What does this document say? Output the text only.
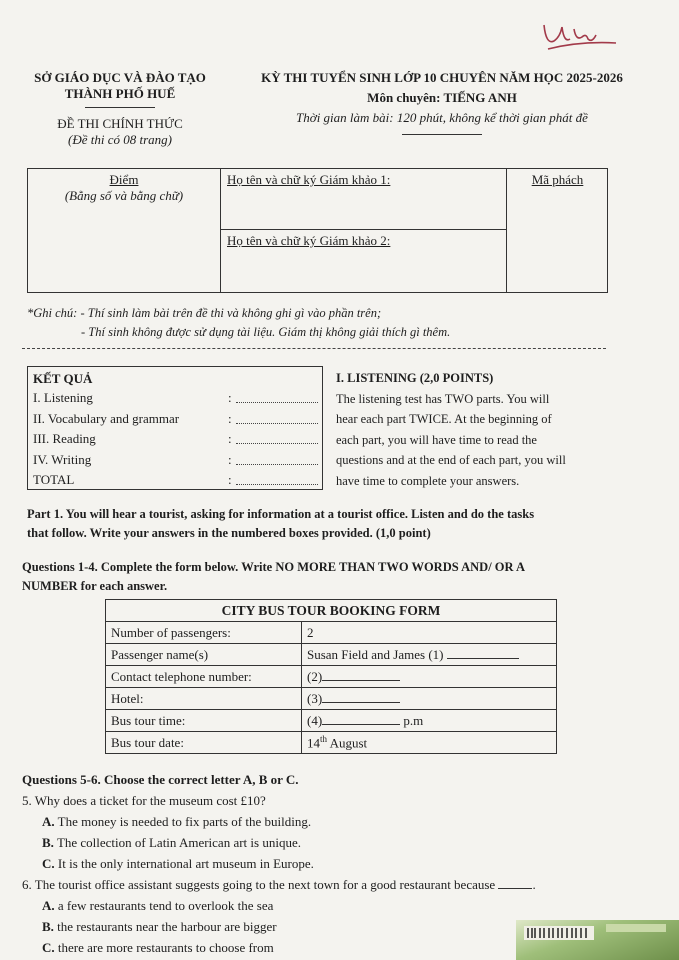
SỞ GIÁO DỤC VÀ ĐÀO TẠO
THÀNH PHỐ HUẾ
ĐỀ THI CHÍNH THỨC
(Đề thi có 08 trang)
KỲ THI TUYỂN SINH LỚP 10 CHUYÊN NĂM HỌC 2025-2026
Môn chuyên: TIẾNG ANH
Thời gian làm bài: 120 phút, không kể thời gian phát đề
Điểm
(Bằng số và bằng chữ)
Họ tên và chữ ký Giám khảo 1:
Họ tên và chữ ký Giám khảo 2:
Mã phách
*Ghi chú: - Thí sinh làm bài trên đề thi và không ghi gì vào phần trên;
- Thí sinh không được sử dụng tài liệu. Giám thị không giải thích gì thêm.
KẾT QUẢ
I. Listening	:
II. Vocabulary and grammar	:
III. Reading	:
IV. Writing	:
TOTAL	:
I. LISTENING (2,0 POINTS)
The listening test has TWO parts. You will
hear each part TWICE. At the beginning of
each part, you will have time to read the
questions and at the end of each part, you will
have time to complete your answers.
Part 1. You will hear a tourist, asking for information at a tourist office. Listen and do the tasks
that follow. Write your answers in the numbered boxes provided. (1,0 point)
Questions 1-4. Complete the form below. Write NO MORE THAN TWO WORDS AND/ OR A
NUMBER for each answer.
CITY BUS TOUR BOOKING FORM	
Number of passengers:	2
Passenger name(s)	Susan Field and James (1)
Contact telephone number:	(2)
Hotel:	(3)
Bus tour time:	(4) p.m
Bus tour date:	14th August
Questions 5-6. Choose the correct letter A, B or C.
5. Why does a ticket for the museum cost £10?
A. The money is needed to fix parts of the building.
B. The collection of Latin American art is unique.
C. It is the only international art museum in Europe.
6. The tourist office assistant suggests going to the next town for a good restaurant because	.
A. a few restaurants tend to overlook the sea
B. the restaurants near the harbour are bigger
C. there are more restaurants to choose from
